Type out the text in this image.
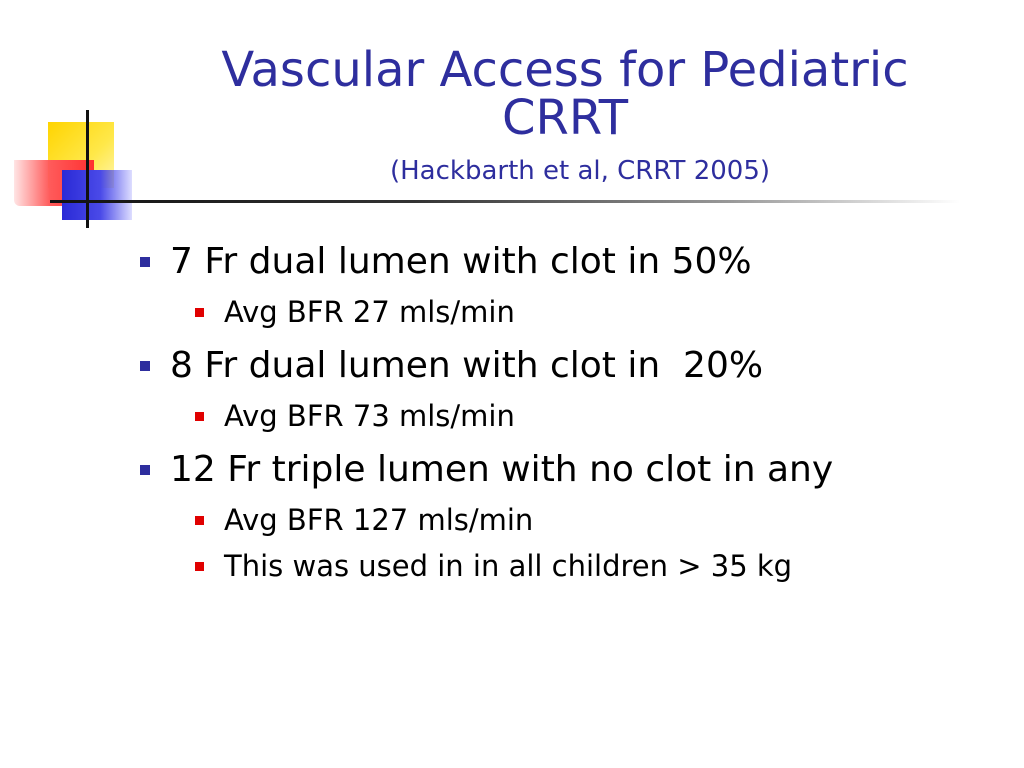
Vascular Access for Pediatric
CRRT
(Hackbarth et al, CRRT 2005)
7 Fr dual lumen with clot in 50%
Avg BFR 27 mls/min
8 Fr dual lumen with clot in  20%
Avg BFR 73 mls/min
12 Fr triple lumen with no clot in any
Avg BFR 127 mls/min
This was used in in all children > 35 kg
